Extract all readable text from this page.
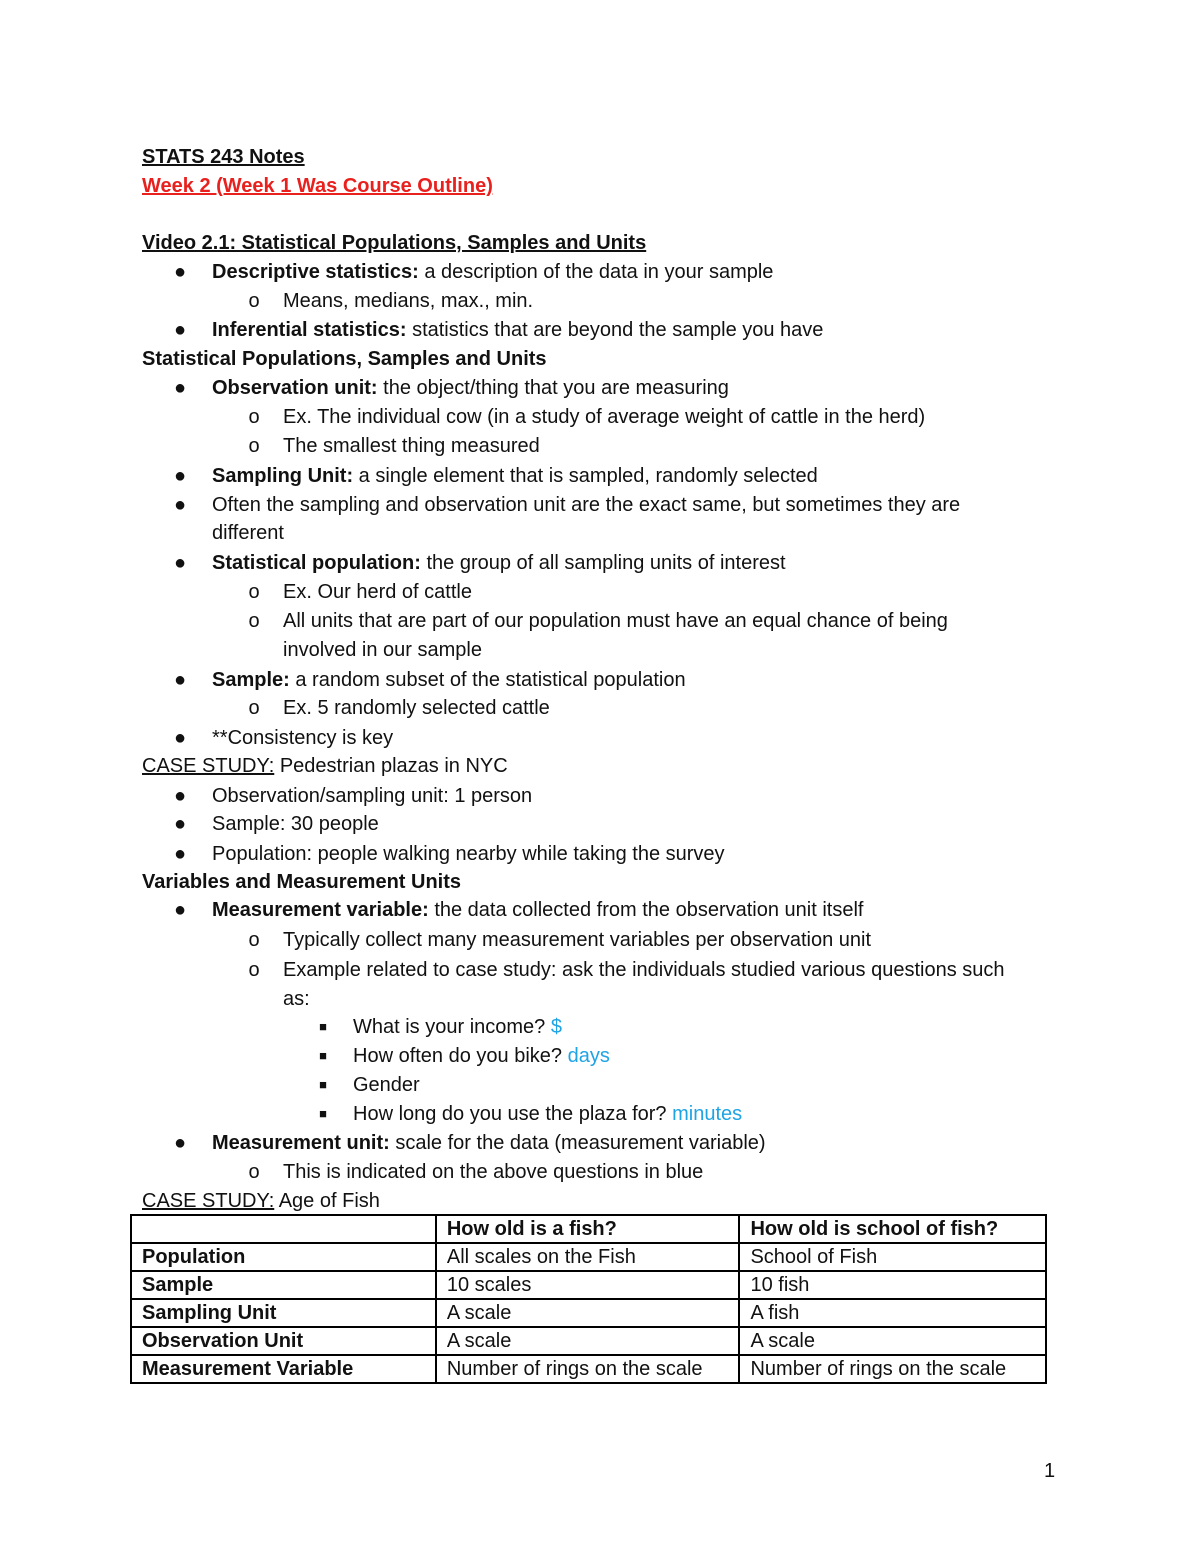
STATS 243 Notes
Week 2 (Week 1 Was Course Outline)
Video 2.1: Statistical Populations, Samples and Units
●	Descriptive statistics: a description of the data in your sample
o	Means, medians, max., min.
●	Inferential statistics: statistics that are beyond the sample you have
Statistical Populations, Samples and Units
●	Observation unit: the object/thing that you are measuring
o	Ex. The individual cow (in a study of average weight of cattle in the herd)
o	The smallest thing measured
●	Sampling Unit: a single element that is sampled, randomly selected
●	Often the sampling and observation unit are the exact same, but sometimes they are
different
●	Statistical population: the group of all sampling units of interest
o	Ex. Our herd of cattle
o	All units that are part of our population must have an equal chance of being
involved in our sample
●	Sample: a random subset of the statistical population
o	Ex. 5 randomly selected cattle
●	**Consistency is key
CASE STUDY: Pedestrian plazas in NYC
●	Observation/sampling unit: 1 person
●	Sample: 30 people
●	Population: people walking nearby while taking the survey
Variables and Measurement Units
●	Measurement variable: the data collected from the observation unit itself
o	Typically collect many measurement variables per observation unit
o	Example related to case study: ask the individuals studied various questions such
as:
■	What is your income? $
■	How often do you bike? days
■	Gender
■	How long do you use the plaza for? minutes
●	Measurement unit: scale for the data (measurement variable)
o	This is indicated on the above questions in blue
CASE STUDY: Age of Fish
	How old is a fish?	How old is school of fish?
Population	All scales on the Fish	School of Fish
Sample	10 scales	10 fish
Sampling Unit	A scale	A fish
Observation Unit	A scale	A scale
Measurement Variable	Number of rings on the scale	Number of rings on the scale
1
